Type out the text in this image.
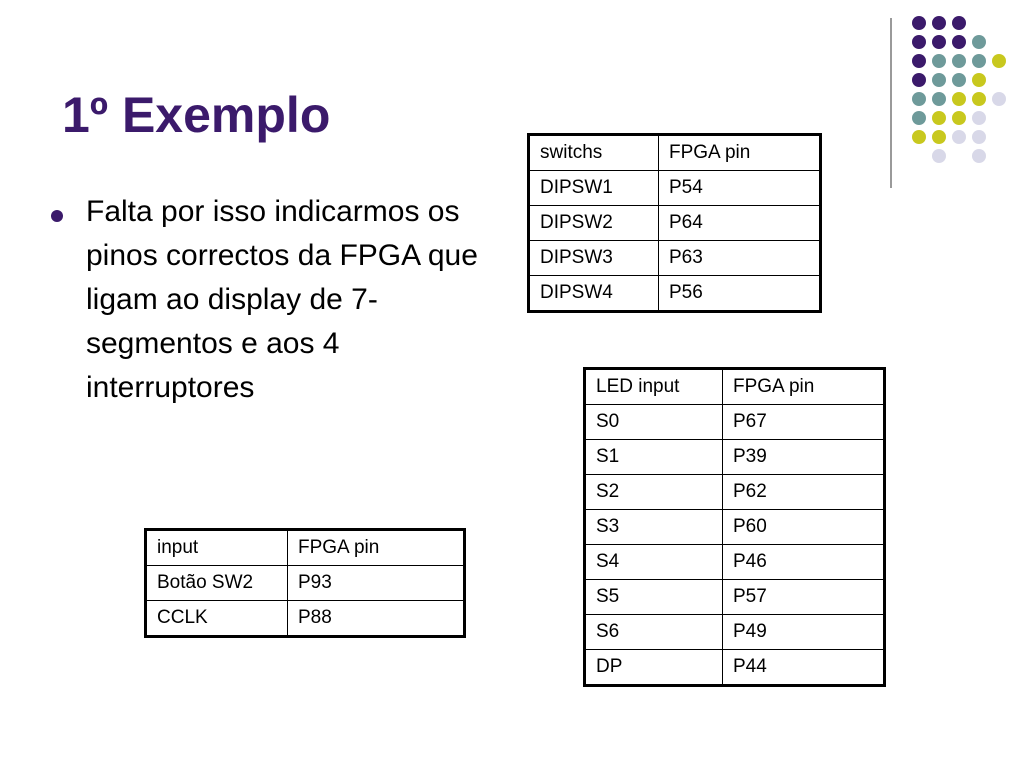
1º Exemplo
Falta por isso indicarmos os pinos correctos da FPGA que ligam ao display de 7-segmentos e aos 4 interruptores
switchs	FPGA pin
DIPSW1	P54
DIPSW2	P64
DIPSW3	P63
DIPSW4	P56
LED input	FPGA pin
S0	P67
S1	P39
S2	P62
S3	P60
S4	P46
S5	P57
S6	P49
DP	P44
input	FPGA pin
Botão SW2	P93
CCLK	P88
